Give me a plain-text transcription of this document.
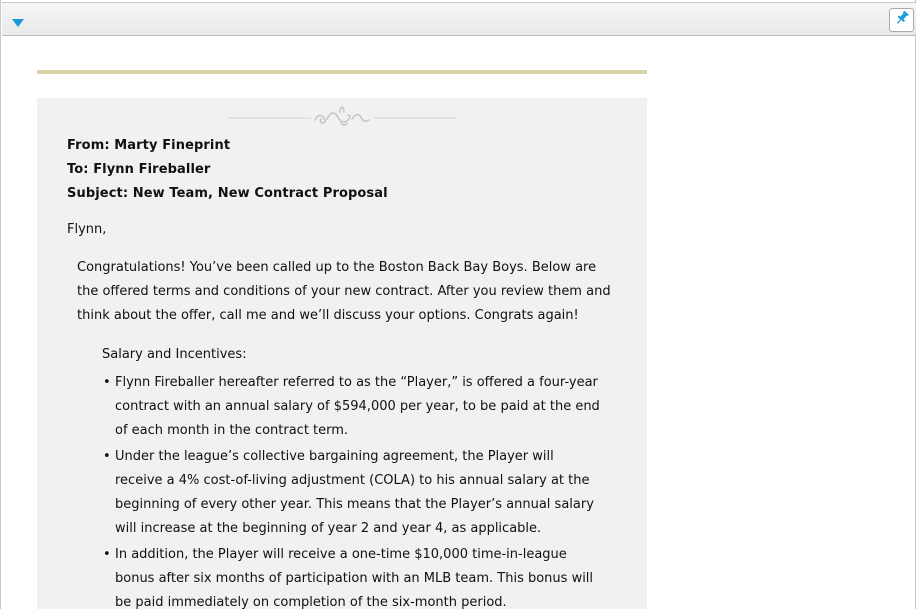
From: Marty Fineprint
To: Flynn Fireballer
Subject: New Team, New Contract Proposal
Flynn,

Congratulations! You’ve been called up to the Boston Back Bay Boys. Below are the offered terms and conditions of your new contract. After you review them and think about the offer, call me and we’ll discuss your options. Congrats again!

Salary and Incentives:
• Flynn Fireballer hereafter referred to as the “Player,” is offered a four-year contract with an annual salary of $594,000 per year, to be paid at the end of each month in the contract term.
• Under the league’s collective bargaining agreement, the Player will receive a 4% cost-of-living adjustment (COLA) to his annual salary at the beginning of every other year. This means that the Player’s annual salary will increase at the beginning of year 2 and year 4, as applicable.
• In addition, the Player will receive a one-time $10,000 time-in-league bonus after six months of participation with an MLB team. This bonus will be paid immediately on completion of the six-month period.
